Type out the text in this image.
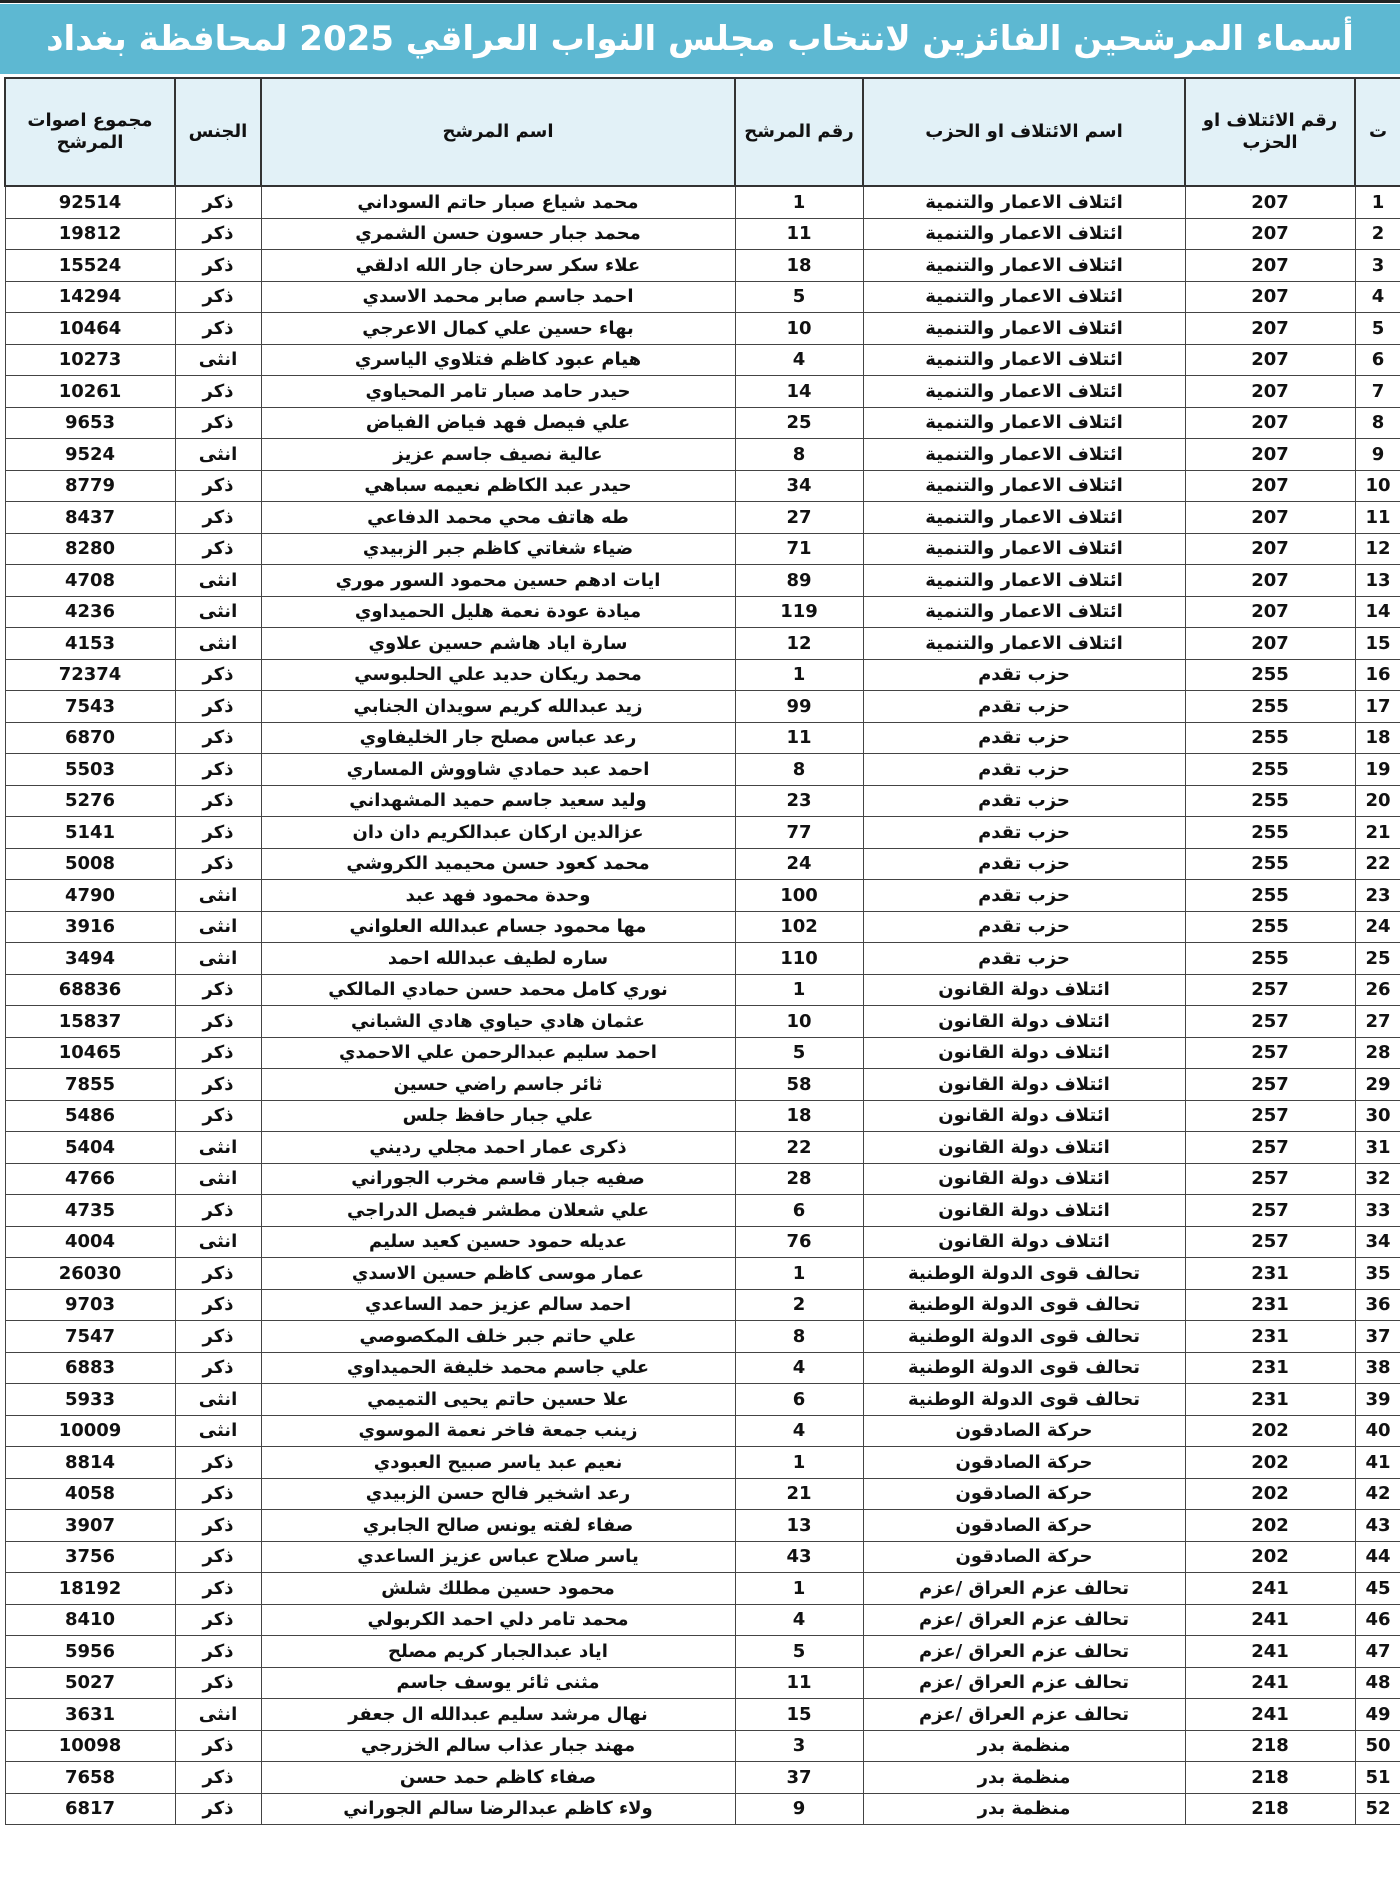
أسماء المرشحين الفائزين لانتخاب مجلس النواب العراقي 2025 لمحافظة بغداد
ت	رقم الائتلاف او الحزب	اسم الائتلاف او الحزب	رقم المرشح	اسم المرشح	الجنس	مجموع اصوات المرشح
1	207	ائتلاف الاعمار والتنمية	1	محمد شياع صبار حاتم السوداني	ذكر	92514
2	207	ائتلاف الاعمار والتنمية	11	محمد جبار حسون حسن الشمري	ذكر	19812
3	207	ائتلاف الاعمار والتنمية	18	علاء سكر سرحان جار الله ادلقي	ذكر	15524
4	207	ائتلاف الاعمار والتنمية	5	احمد جاسم صابر محمد الاسدي	ذكر	14294
5	207	ائتلاف الاعمار والتنمية	10	بهاء حسين علي كمال الاعرجي	ذكر	10464
6	207	ائتلاف الاعمار والتنمية	4	هيام عبود كاظم فتلاوي الياسري	انثى	10273
7	207	ائتلاف الاعمار والتنمية	14	حيدر حامد صبار تامر المحياوي	ذكر	10261
8	207	ائتلاف الاعمار والتنمية	25	علي فيصل فهد فياض الفياض	ذكر	9653
9	207	ائتلاف الاعمار والتنمية	8	عالية نصيف جاسم عزيز	انثى	9524
10	207	ائتلاف الاعمار والتنمية	34	حيدر عبد الكاظم نعيمه سباهي	ذكر	8779
11	207	ائتلاف الاعمار والتنمية	27	طه هاتف محي محمد الدفاعي	ذكر	8437
12	207	ائتلاف الاعمار والتنمية	71	ضياء شغاتي كاظم جبر الزبيدي	ذكر	8280
13	207	ائتلاف الاعمار والتنمية	89	ايات ادهم حسين محمود السور موري	انثى	4708
14	207	ائتلاف الاعمار والتنمية	119	ميادة عودة نعمة هليل الحميداوي	انثى	4236
15	207	ائتلاف الاعمار والتنمية	12	سارة اياد هاشم حسين علاوي	انثى	4153
16	255	حزب تقدم	1	محمد ريكان حديد علي الحلبوسي	ذكر	72374
17	255	حزب تقدم	99	زيد عبدالله كريم سويدان الجنابي	ذكر	7543
18	255	حزب تقدم	11	رعد عباس مصلح جار الخليفاوي	ذكر	6870
19	255	حزب تقدم	8	احمد عبد حمادي شاووش المساري	ذكر	5503
20	255	حزب تقدم	23	وليد سعيد جاسم حميد المشهداني	ذكر	5276
21	255	حزب تقدم	77	عزالدين اركان عبدالكريم دان دان	ذكر	5141
22	255	حزب تقدم	24	محمد كعود حسن محيميد الكروشي	ذكر	5008
23	255	حزب تقدم	100	وحدة محمود فهد عبد	انثى	4790
24	255	حزب تقدم	102	مها محمود جسام عبدالله العلواني	انثى	3916
25	255	حزب تقدم	110	ساره لطيف عبدالله احمد	انثى	3494
26	257	ائتلاف دولة القانون	1	نوري كامل محمد حسن حمادي المالكي	ذكر	68836
27	257	ائتلاف دولة القانون	10	عثمان هادي حياوي هادي الشباني	ذكر	15837
28	257	ائتلاف دولة القانون	5	احمد سليم عبدالرحمن علي الاحمدي	ذكر	10465
29	257	ائتلاف دولة القانون	58	ثائر جاسم راضي حسين	ذكر	7855
30	257	ائتلاف دولة القانون	18	علي جبار حافظ جلس	ذكر	5486
31	257	ائتلاف دولة القانون	22	ذكرى عمار احمد مجلي رديني	انثى	5404
32	257	ائتلاف دولة القانون	28	صفيه جبار قاسم مخرب الجوراني	انثى	4766
33	257	ائتلاف دولة القانون	6	علي شعلان مطشر فيصل الدراجي	ذكر	4735
34	257	ائتلاف دولة القانون	76	عديله حمود حسين كعيد سليم	انثى	4004
35	231	تحالف قوى الدولة الوطنية	1	عمار موسى كاظم حسين الاسدي	ذكر	26030
36	231	تحالف قوى الدولة الوطنية	2	احمد سالم عزيز حمد الساعدي	ذكر	9703
37	231	تحالف قوى الدولة الوطنية	8	علي حاتم جبر خلف المكصوصي	ذكر	7547
38	231	تحالف قوى الدولة الوطنية	4	علي جاسم محمد خليفة الحميداوي	ذكر	6883
39	231	تحالف قوى الدولة الوطنية	6	علا حسين حاتم يحيى التميمي	انثى	5933
40	202	حركة الصادقون	4	زينب جمعة فاخر نعمة الموسوي	انثى	10009
41	202	حركة الصادقون	1	نعيم عبد ياسر صبيح العبودي	ذكر	8814
42	202	حركة الصادقون	21	رعد اشخير فالح حسن الزبيدي	ذكر	4058
43	202	حركة الصادقون	13	صفاء لفته يونس صالح الجابري	ذكر	3907
44	202	حركة الصادقون	43	ياسر صلاح عباس عزيز الساعدي	ذكر	3756
45	241	تحالف عزم العراق /عزم	1	محمود حسين مطلك شلش	ذكر	18192
46	241	تحالف عزم العراق /عزم	4	محمد تامر دلي احمد الكربولي	ذكر	8410
47	241	تحالف عزم العراق /عزم	5	اياد عبدالجبار كريم مصلح	ذكر	5956
48	241	تحالف عزم العراق /عزم	11	مثنى ثائر يوسف جاسم	ذكر	5027
49	241	تحالف عزم العراق /عزم	15	نهال مرشد سليم عبدالله ال جعفر	انثى	3631
50	218	منظمة بدر	3	مهند جبار عذاب سالم الخزرجي	ذكر	10098
51	218	منظمة بدر	37	صفاء كاظم حمد حسن	ذكر	7658
52	218	منظمة بدر	9	ولاء كاظم عبدالرضا سالم الجوراني	ذكر	6817
